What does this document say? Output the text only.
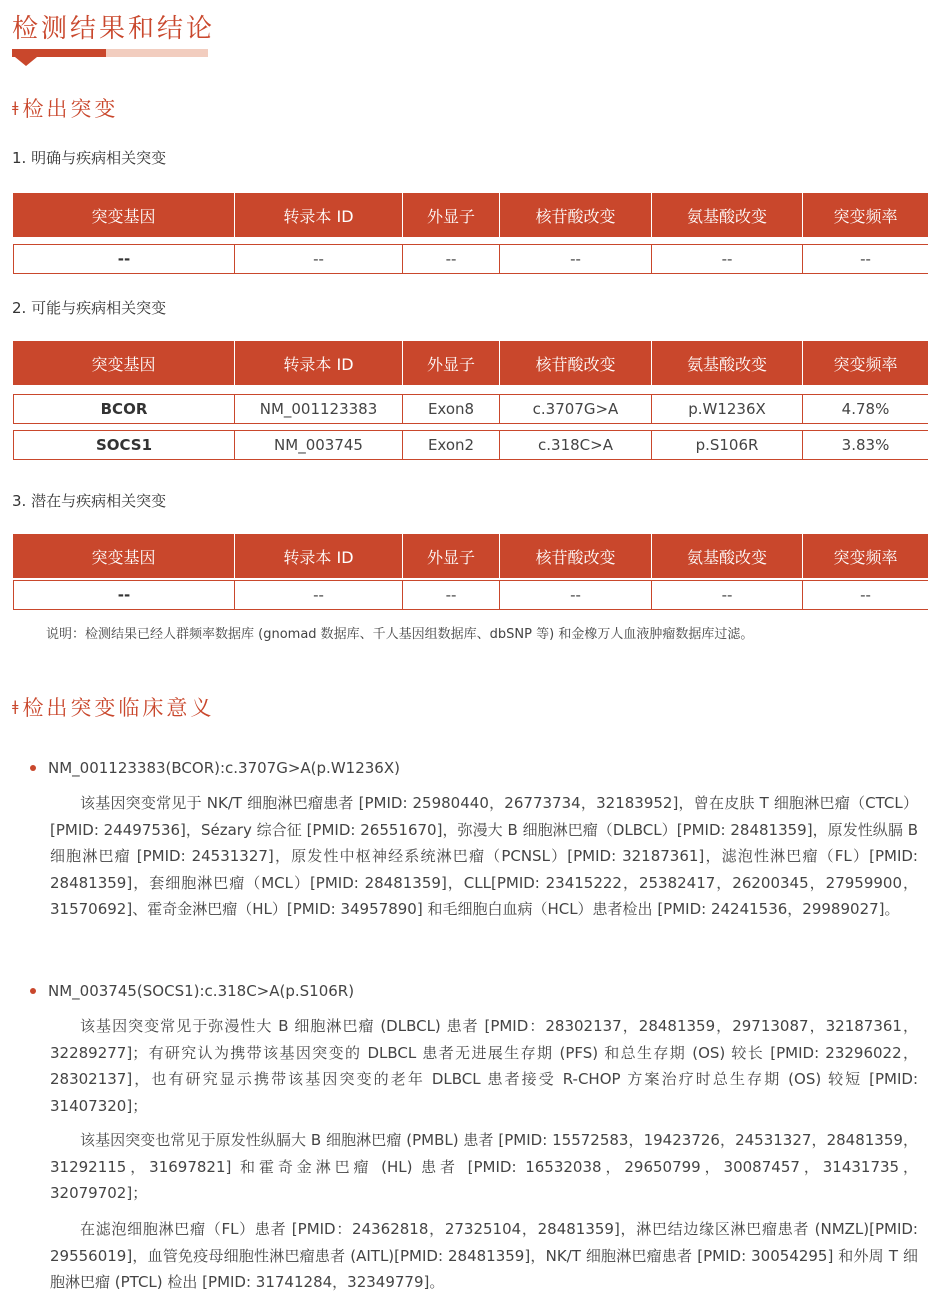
检测结果和结论
ǂ 检出突变
1. 明确与疾病相关突变
突变基因	转录本 ID	外显子	核苷酸改变	氨基酸改变	突变频率
--	--	--	--	--	--
2. 可能与疾病相关突变
突变基因	转录本 ID	外显子	核苷酸改变	氨基酸改变	突变频率
BCOR	NM_001123383	Exon8	c.3707G>A	p.W1236X	4.78%
SOCS1	NM_003745	Exon2	c.318C>A	p.S106R	3.83%
3. 潜在与疾病相关突变
突变基因	转录本 ID	外显子	核苷酸改变	氨基酸改变	突变频率
--	--	--	--	--	--
说明：检测结果已经人群频率数据库 (gnomad 数据库、千人基因组数据库、dbSNP 等) 和金橡万人血液肿瘤数据库过滤。
ǂ 检出突变临床意义
NM_001123383(BCOR):c.3707G>A(p.W1236X)

该基因突变常见于 NK/T 细胞淋巴瘤患者 [PMID: 25980440，26773734，32183952]，曾在皮肤 T 细胞淋巴瘤（CTCL）[PMID: 24497536]，Sézary 综合征 [PMID: 26551670]，弥漫大 B 细胞淋巴瘤（DLBCL）[PMID: 28481359]，原发性纵膈 B 细胞淋巴瘤 [PMID: 24531327]，原发性中枢神经系统淋巴瘤（PCNSL）[PMID: 32187361]，滤泡性淋巴瘤（FL）[PMID: 28481359]，套细胞淋巴瘤（MCL）[PMID: 28481359]，CLL[PMID: 23415222，25382417，26200345，27959900，31570692]、霍奇金淋巴瘤（HL）[PMID: 34957890] 和毛细胞白血病（HCL）患者检出 [PMID: 24241536，29989027]。

NM_003745(SOCS1):c.318C>A(p.S106R)

该基因突变常见于弥漫性大 B 细胞淋巴瘤 (DLBCL) 患者 [PMID：28302137，28481359，29713087，32187361，32289277]；有研究认为携带该基因突变的 DLBCL 患者无进展生存期 (PFS) 和总生存期 (OS) 较长 [PMID: 23296022，28302137]，也有研究显示携带该基因突变的老年 DLBCL 患者接受 R-CHOP 方案治疗时总生存期 (OS) 较短 [PMID: 31407320]；

该基因突变也常见于原发性纵膈大 B 细胞淋巴瘤 (PMBL) 患者 [PMID: 15572583，19423726，24531327，28481359，31292115，31697821] 和霍奇金淋巴瘤 (HL) 患者 [PMID: 16532038，29650799，30087457，31431735，32079702]；

在滤泡细胞淋巴瘤（FL）患者 [PMID：24362818，27325104，28481359]，淋巴结边缘区淋巴瘤患者 (NMZL)[PMID: 29556019]，血管免疫母细胞性淋巴瘤患者 (AITL)[PMID: 28481359]，NK/T 细胞淋巴瘤患者 [PMID: 30054295] 和外周 T 细胞淋巴瘤 (PTCL) 检出 [PMID: 31741284，32349779]。
